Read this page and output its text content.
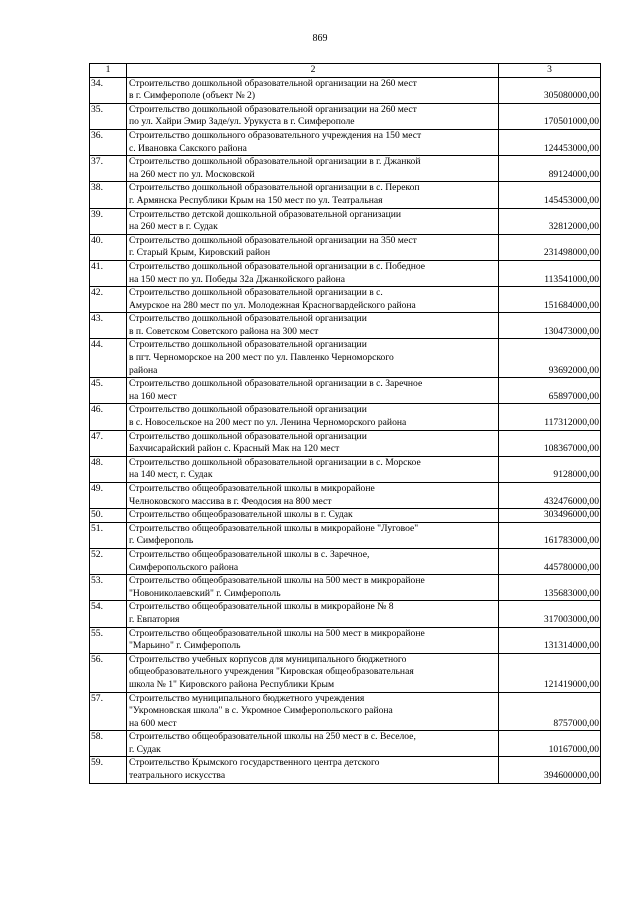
869
1	2	3
34.	Строительство дошкольной образовательной организации на 260 мест
в г. Симферополе (объект № 2)	305080000,00
35.	Строительство дошкольной образовательной организации на 260 мест
по ул. Хайри Эмир Заде/ул. Урукуста в г. Симферополе	170501000,00
36.	Строительство дошкольного образовательного учреждения на 150 мест
с. Ивановка Сакского района	124453000,00
37.	Строительство дошкольной образовательной организации в г. Джанкой
на 260 мест по ул. Московской	89124000,00
38.	Строительство дошкольной образовательной организации в с. Перекоп
г. Армянска Республики Крым на 150 мест по ул. Театральная	145453000,00
39.	Строительство детской дошкольной образовательной организации
на 260 мест в г. Судак	32812000,00
40.	Строительство дошкольной образовательной организации на 350 мест
г. Старый Крым, Кировский район	231498000,00
41.	Строительство дошкольной образовательной организации в с. Победное
на 150 мест по ул. Победы 32а Джанкойского района	113541000,00
42.	Строительство дошкольной образовательной организации в с.
Амурское на 280 мест по ул. Молодежная Красногвардейского района	151684000,00
43.	Строительство дошкольной образовательной организации
в п. Советском Советского района на 300 мест	130473000,00
44.	Строительство дошкольной образовательной организации
в пгт. Черноморское на 200 мест по ул. Павленко Черноморского
района	93692000,00
45.	Строительство дошкольной образовательной организации в с. Заречное
на 160 мест	65897000,00
46.	Строительство дошкольной образовательной организации
в с. Новосельское на 200 мест по ул. Ленина Черноморского района	117312000,00
47.	Строительство дошкольной образовательной организации
Бахчисарайский район с. Красный Мак на 120 мест	108367000,00
48.	Строительство дошкольной образовательной организации в с. Морское
на 140 мест, г. Судак	9128000,00
49.	Строительство общеобразовательной школы в микрорайоне
Челноковского массива в г. Феодосия на 800 мест	432476000,00
50.	Строительство общеобразовательной школы в г. Судак	303496000,00
51.	Строительство общеобразовательной школы в микрорайоне "Луговое"
г. Симферополь	161783000,00
52.	Строительство общеобразовательной школы в с. Заречное,
Симферопольского района	445780000,00
53.	Строительство общеобразовательной школы на 500 мест в микрорайоне
"Новониколаевский" г. Симферополь	135683000,00
54.	Строительство общеобразовательной школы в микрорайоне № 8
г. Евпатория	317003000,00
55.	Строительство общеобразовательной школы на 500 мест в микрорайоне
"Марьино" г. Симферополь	131314000,00
56.	Строительство учебных корпусов для муниципального бюджетного
общеобразовательного учреждения "Кировская общеобразовательная
школа № 1" Кировского района Республики Крым	121419000,00
57.	Строительство муниципального бюджетного учреждения
"Укромновская школа" в с. Укромное Симферопольского района
на 600 мест	8757000,00
58.	Строительство общеобразовательной школы на 250 мест в с. Веселое,
г. Судак	10167000,00
59.	Строительство Крымского государственного центра детского
театрального искусства	394600000,00
